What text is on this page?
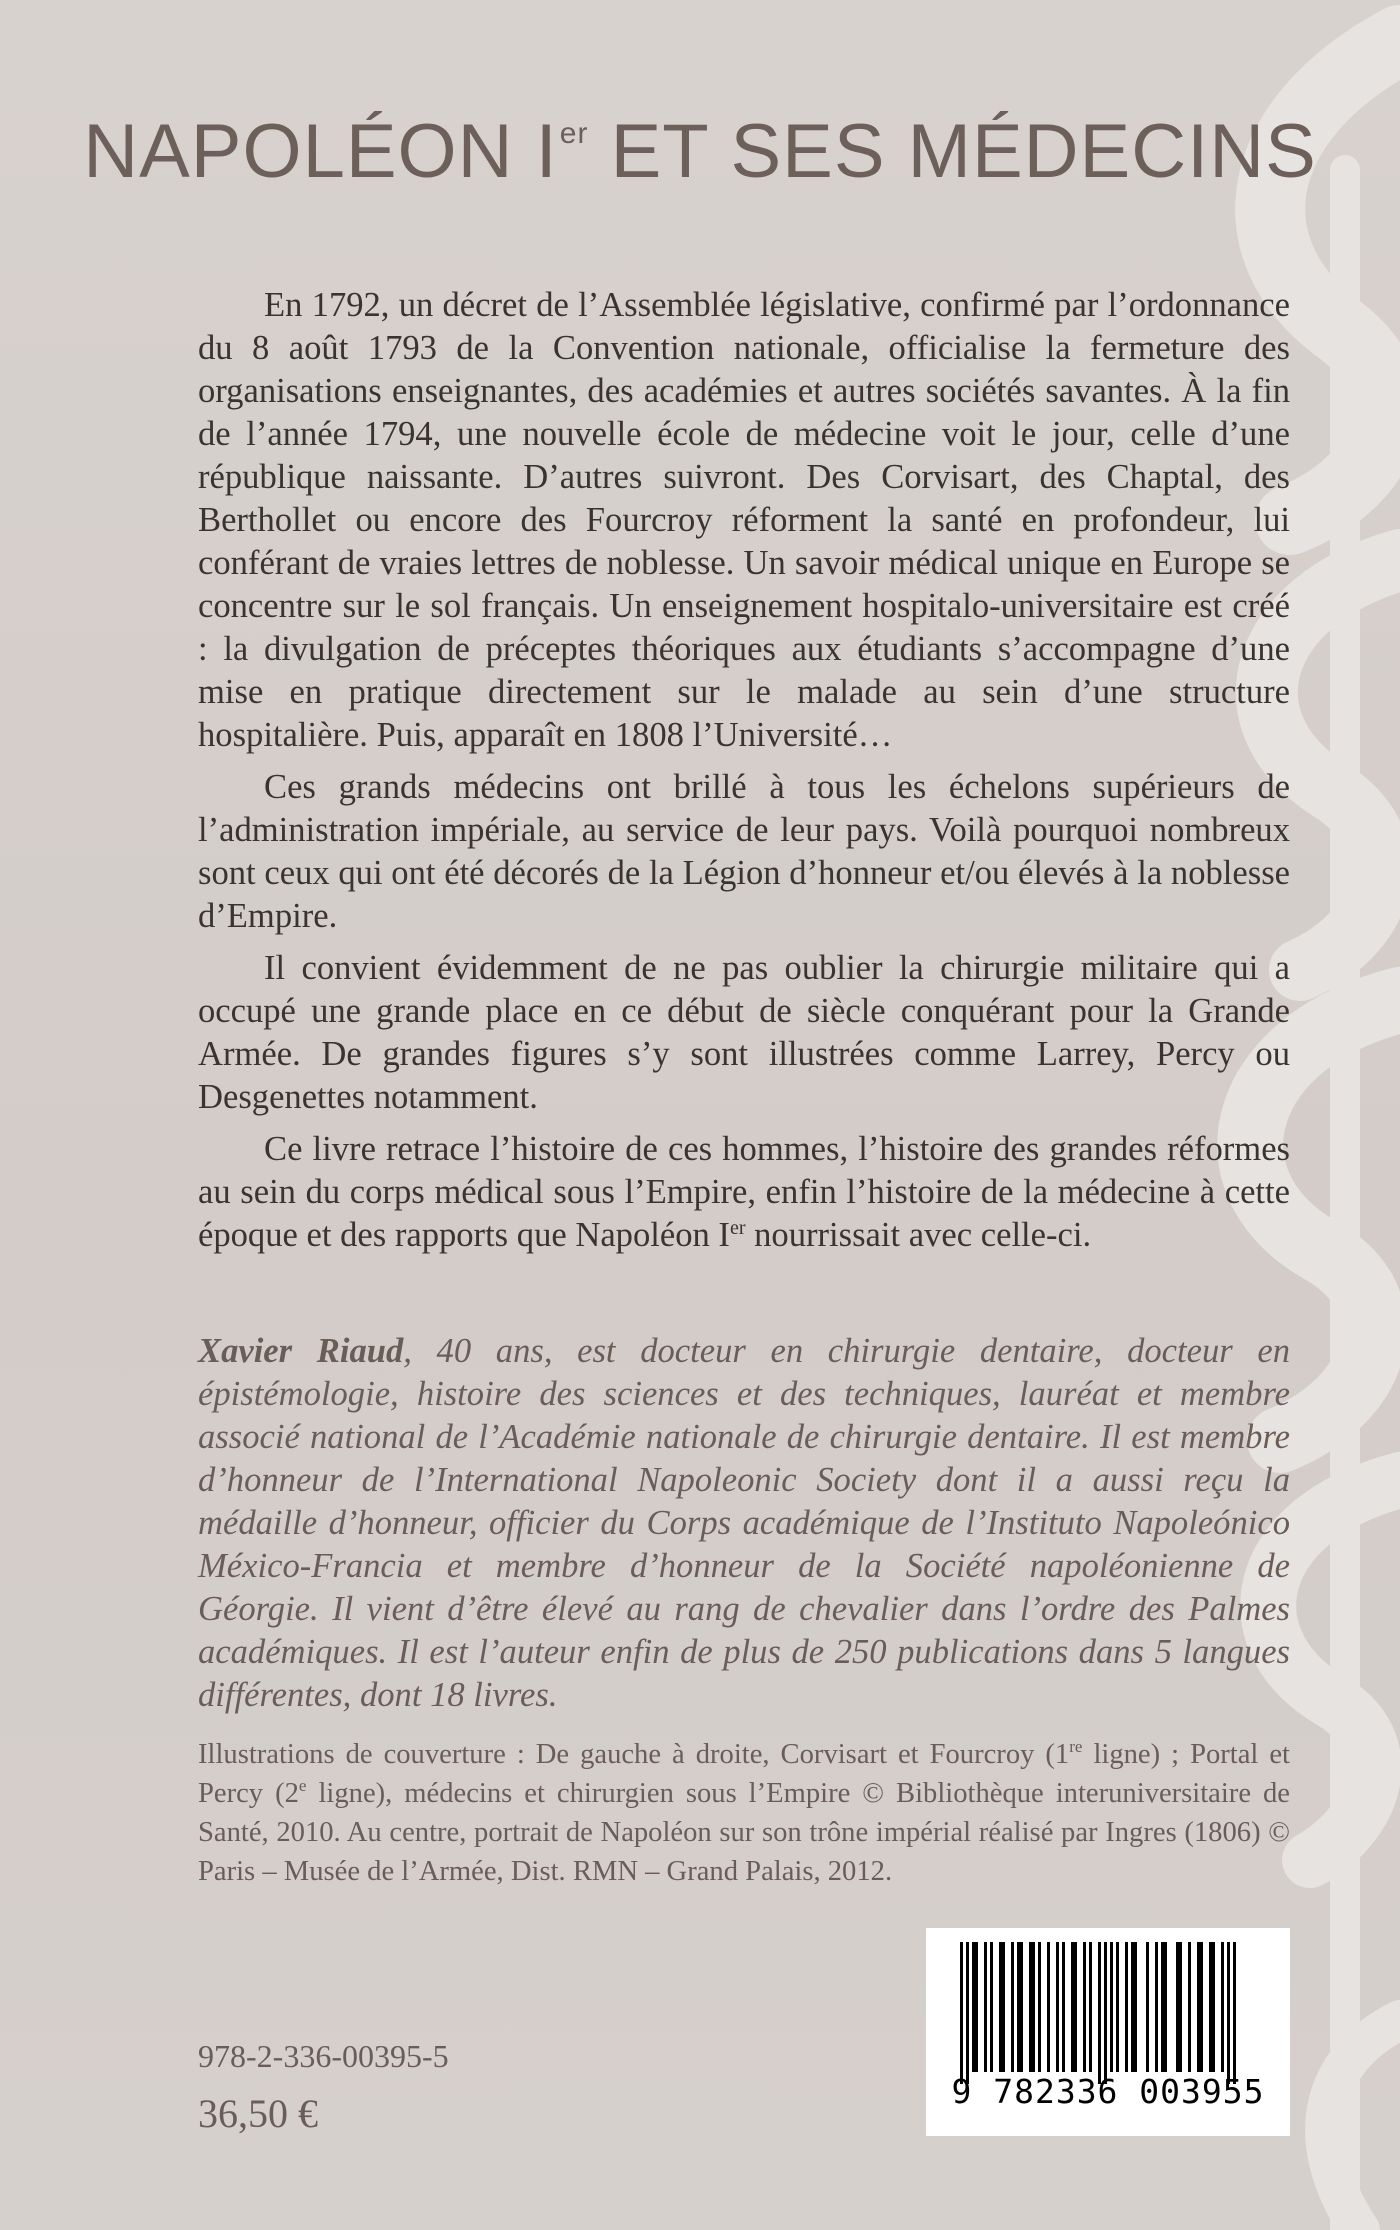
NAPOLÉON Ier ET SES MÉDECINS

En 1792, un décret de l’Assemblée législative, confirmé par l’ordonnance du 8 août 1793 de la Convention nationale, officialise la fermeture des organisations enseignantes, des académies et autres sociétés savantes. À la fin de l’année 1794, une nouvelle école de médecine voit le jour, celle d’une république naissante. D’autres suivront. Des Corvisart, des Chaptal, des Berthollet ou encore des Fourcroy réforment la santé en profondeur, lui conférant de vraies lettres de noblesse. Un savoir médical unique en Europe se concentre sur le sol français. Un enseignement hospitalo-universitaire est créé : la divulgation de préceptes théoriques aux étudiants s’accompagne d’une mise en pratique directement sur le malade au sein d’une structure hospitalière. Puis, apparaît en 1808 l’Université…

Ces grands médecins ont brillé à tous les échelons supérieurs de l’administration impériale, au service de leur pays. Voilà pourquoi nombreux sont ceux qui ont été décorés de la Légion d’honneur et/ou élevés à la noblesse d’Empire.

Il convient évidemment de ne pas oublier la chirurgie militaire qui a occupé une grande place en ce début de siècle conquérant pour la Grande Armée. De grandes figures s’y sont illustrées comme Larrey, Percy ou Desgenettes notamment.

Ce livre retrace l’histoire de ces hommes, l’histoire des grandes réformes au sein du corps médical sous l’Empire, enfin l’histoire de la médecine à cette époque et des rapports que Napoléon Ier nourrissait avec celle-ci.

Xavier Riaud, 40 ans, est docteur en chirurgie dentaire, docteur en épistémologie, histoire des sciences et des techniques, lauréat et membre associé national de l’Académie nationale de chirurgie dentaire. Il est membre d’honneur de l’International Napoleonic Society dont il a aussi reçu la médaille d’honneur, officier du Corps académique de l’Instituto Napoleónico México-Francia et membre d’honneur de la Société napoléonienne de Géorgie. Il vient d’être élevé au rang de chevalier dans l’ordre des Palmes académiques. Il est l’auteur enfin de plus de 250 publications dans 5 langues différentes, dont 18 livres.

Illustrations de couverture : De gauche à droite, Corvisart et Fourcroy (1re ligne) ; Portal et Percy (2e ligne), médecins et chirurgien sous l’Empire © Bibliothèque interuniversitaire de Santé, 2010. Au centre, portrait de Napoléon sur son trône impérial réalisé par Ingres (1806) © Paris – Musée de l’Armée, Dist. RMN – Grand Palais, 2012.

978-2-336-00395-5
36,50 €	9 782336 003955
